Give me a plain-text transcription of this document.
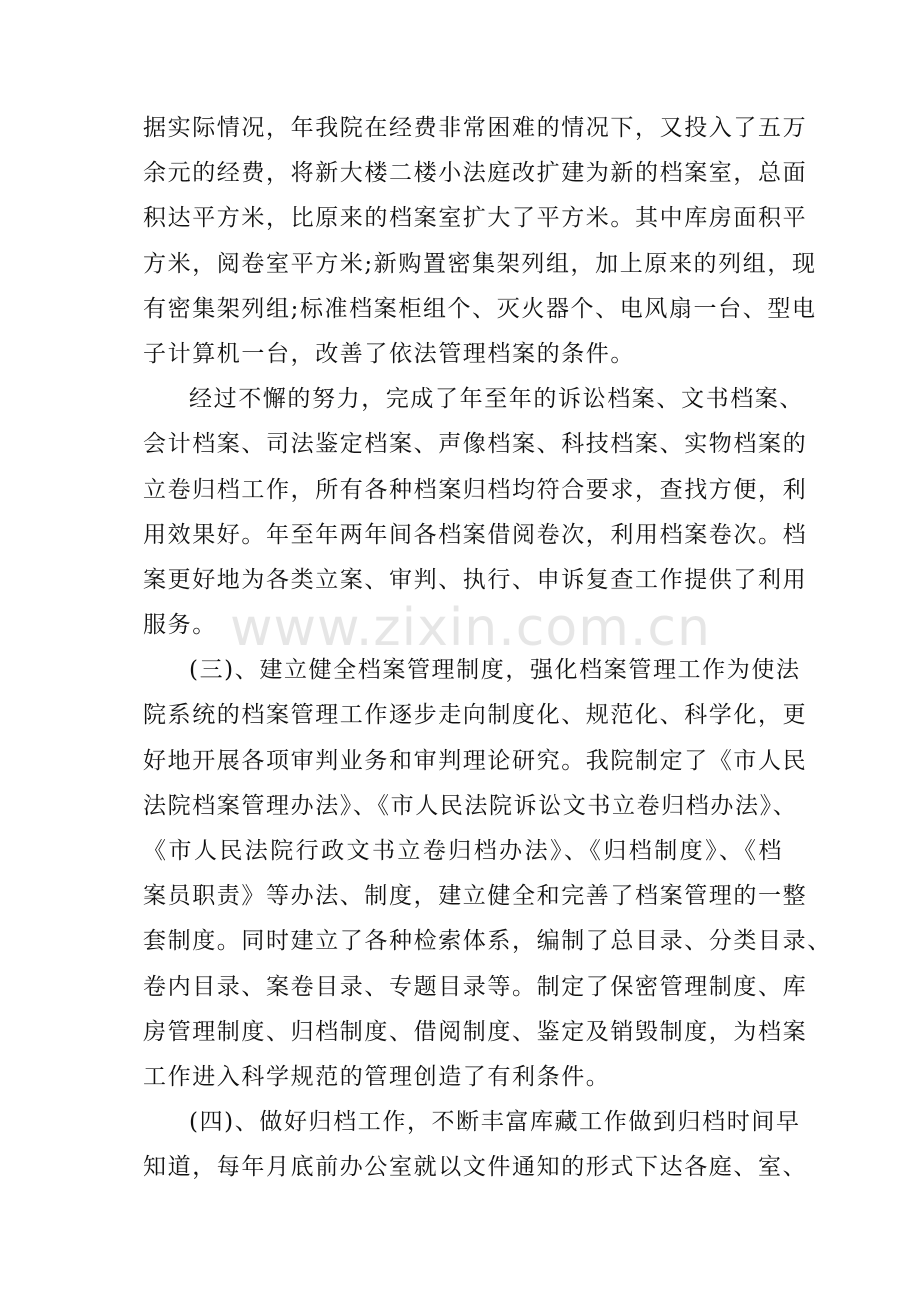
据实际情况，年我院在经费非常困难的情况下，又投入了五万
余元的经费，将新大楼二楼小法庭改扩建为新的档案室，总面
积达平方米，比原来的档案室扩大了平方米。其中库房面积平
方米，阅卷室平方米;新购置密集架列组，加上原来的列组，现
有密集架列组;标准档案柜组个、灭火器个、电风扇一台、型电
子计算机一台，改善了依法管理档案的条件。
经过不懈的努力，完成了年至年的诉讼档案、文书档案、
会计档案、司法鉴定档案、声像档案、科技档案、实物档案的
立卷归档工作，所有各种档案归档均符合要求，查找方便，利
用效果好。年至年两年间各档案借阅卷次，利用档案卷次。档
案更好地为各类立案、审判、执行、申诉复查工作提供了利用
服务。
(三)、建立健全档案管理制度，强化档案管理工作为使法
院系统的档案管理工作逐步走向制度化、规范化、科学化，更
好地开展各项审判业务和审判理论研究。我院制定了《市人民
法院档案管理办法》、《市人民法院诉讼文书立卷归档办法》、
《市人民法院行政文书立卷归档办法》、《归档制度》、《档
案员职责》等办法、制度，建立健全和完善了档案管理的一整
套制度。同时建立了各种检索体系，编制了总目录、分类目录、
卷内目录、案卷目录、专题目录等。制定了保密管理制度、库
房管理制度、归档制度、借阅制度、鉴定及销毁制度，为档案
工作进入科学规范的管理创造了有利条件。
(四)、做好归档工作，不断丰富库藏工作做到归档时间早
知道，每年月底前办公室就以文件通知的形式下达各庭、室、
www.zixin.com.cn
